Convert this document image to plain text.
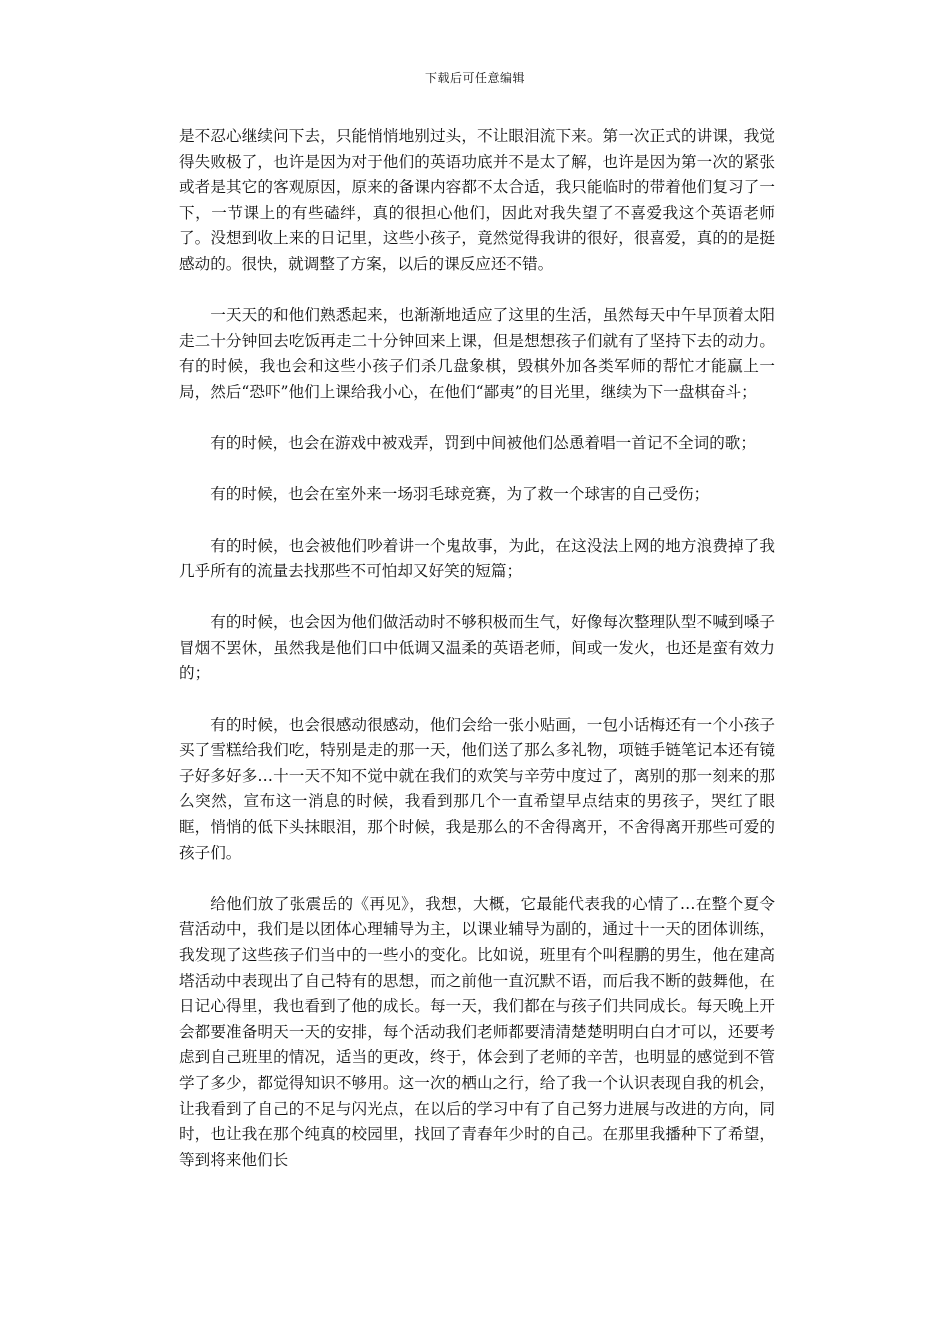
下载后可任意编辑

是不忍心继续问下去，只能悄悄地别过头，不让眼泪流下来。第一次正式的讲课，我觉得失败极了，也许是因为对于他们的英语功底并不是太了解，也许是因为第一次的紧张或者是其它的客观原因，原来的备课内容都不太合适，我只能临时的带着他们复习了一下，一节课上的有些磕绊，真的很担心他们，因此对我失望了不喜爱我这个英语老师了。没想到收上来的日记里，这些小孩子，竟然觉得我讲的很好，很喜爱，真的的是挺感动的。很快，就调整了方案，以后的课反应还不错。

一天天的和他们熟悉起来，也渐渐地适应了这里的生活，虽然每天中午早顶着太阳走二十分钟回去吃饭再走二十分钟回来上课，但是想想孩子们就有了坚持下去的动力。有的时候，我也会和这些小孩子们杀几盘象棋，毁棋外加各类军师的帮忙才能赢上一局，然后“恐吓”他们上课给我小心，在他们“鄙夷”的目光里，继续为下一盘棋奋斗；

有的时候，也会在游戏中被戏弄，罚到中间被他们怂恿着唱一首记不全词的歌；

有的时候，也会在室外来一场羽毛球竞赛，为了救一个球害的自己受伤；

有的时候，也会被他们吵着讲一个鬼故事，为此，在这没法上网的地方浪费掉了我几乎所有的流量去找那些不可怕却又好笑的短篇；

有的时候，也会因为他们做活动时不够积极而生气，好像每次整理队型不喊到嗓子冒烟不罢休，虽然我是他们口中低调又温柔的英语老师，间或一发火，也还是蛮有效力的；

有的时候，也会很感动很感动，他们会给一张小贴画，一包小话梅还有一个小孩子买了雪糕给我们吃，特别是走的那一天，他们送了那么多礼物，项链手链笔记本还有镜子好多好多…十一天不知不觉中就在我们的欢笑与辛劳中度过了，离别的那一刻来的那么突然，宣布这一消息的时候，我看到那几个一直希望早点结束的男孩子，哭红了眼眶，悄悄的低下头抹眼泪，那个时候，我是那么的不舍得离开，不舍得离开那些可爱的孩子们。

给他们放了张震岳的《再见》，我想，大概，它最能代表我的心情了…在整个夏令营活动中，我们是以团体心理辅导为主，以课业辅导为副的，通过十一天的团体训练，我发现了这些孩子们当中的一些小的变化。比如说，班里有个叫程鹏的男生，他在建高塔活动中表现出了自己特有的思想，而之前他一直沉默不语，而后我不断的鼓舞他，在日记心得里，我也看到了他的成长。每一天，我们都在与孩子们共同成长。每天晚上开会都要准备明天一天的安排，每个活动我们老师都要清清楚楚明明白白才可以，还要考虑到自己班里的情况，适当的更改，终于，体会到了老师的辛苦，也明显的感觉到不管学了多少，都觉得知识不够用。这一次的栖山之行，给了我一个认识表现自我的机会，让我看到了自己的不足与闪光点，在以后的学习中有了自己努力进展与改进的方向，同时，也让我在那个纯真的校园里，找回了青春年少时的自己。在那里我播种下了希望，等到将来他们长
